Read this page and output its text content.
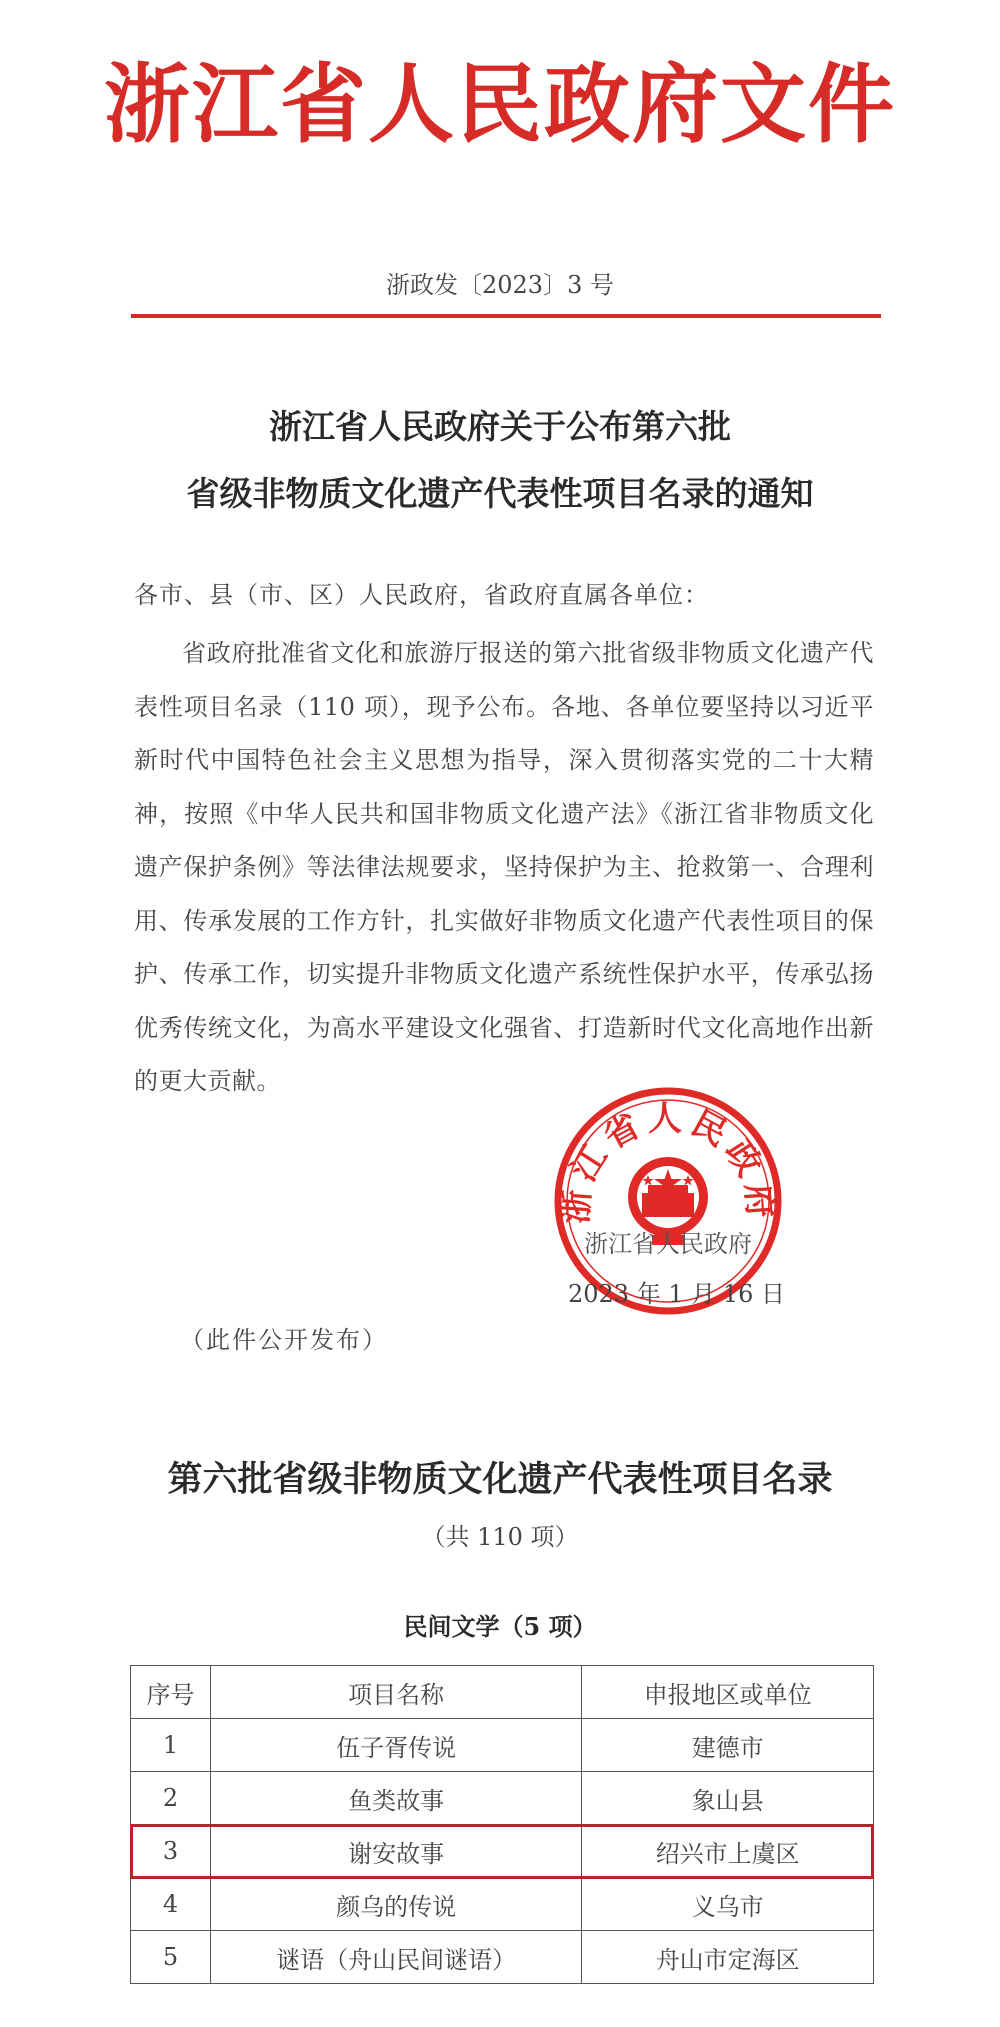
浙江省人民政府文件
浙政发〔2023〕3 号
浙江省人民政府关于公布第六批
省级非物质文化遗产代表性项目名录的通知
各市、县（市、区）人民政府，省政府直属各单位：

省政府批准省文化和旅游厅报送的第六批省级非物质文化遗产代表性项目名录（110 项），现予公布。各地、各单位要坚持以习近平新时代中国特色社会主义思想为指导，深入贯彻落实党的二十大精神，按照《中华人民共和国非物质文化遗产法》《浙江省非物质文化遗产保护条例》等法律法规要求，坚持保护为主、抢救第一、合理利用、传承发展的工作方针，扎实做好非物质文化遗产代表性项目的保护、传承工作，切实提升非物质文化遗产系统性保护水平，传承弘扬优秀传统文化，为高水平建设文化强省、打造新时代文化高地作出新的更大贡献。

浙江省人民政府
浙江省人民政府
2023 年 1 月 16 日
（此件公开发布）
第六批省级非物质文化遗产代表性项目名录
（共 110 项）
民间文学（5 项）
序号	项目名称	申报地区或单位
1	伍子胥传说	建德市
2	鱼类故事	象山县
3	谢安故事	绍兴市上虞区
4	颜乌的传说	义乌市
5	谜语（舟山民间谜语）	舟山市定海区
